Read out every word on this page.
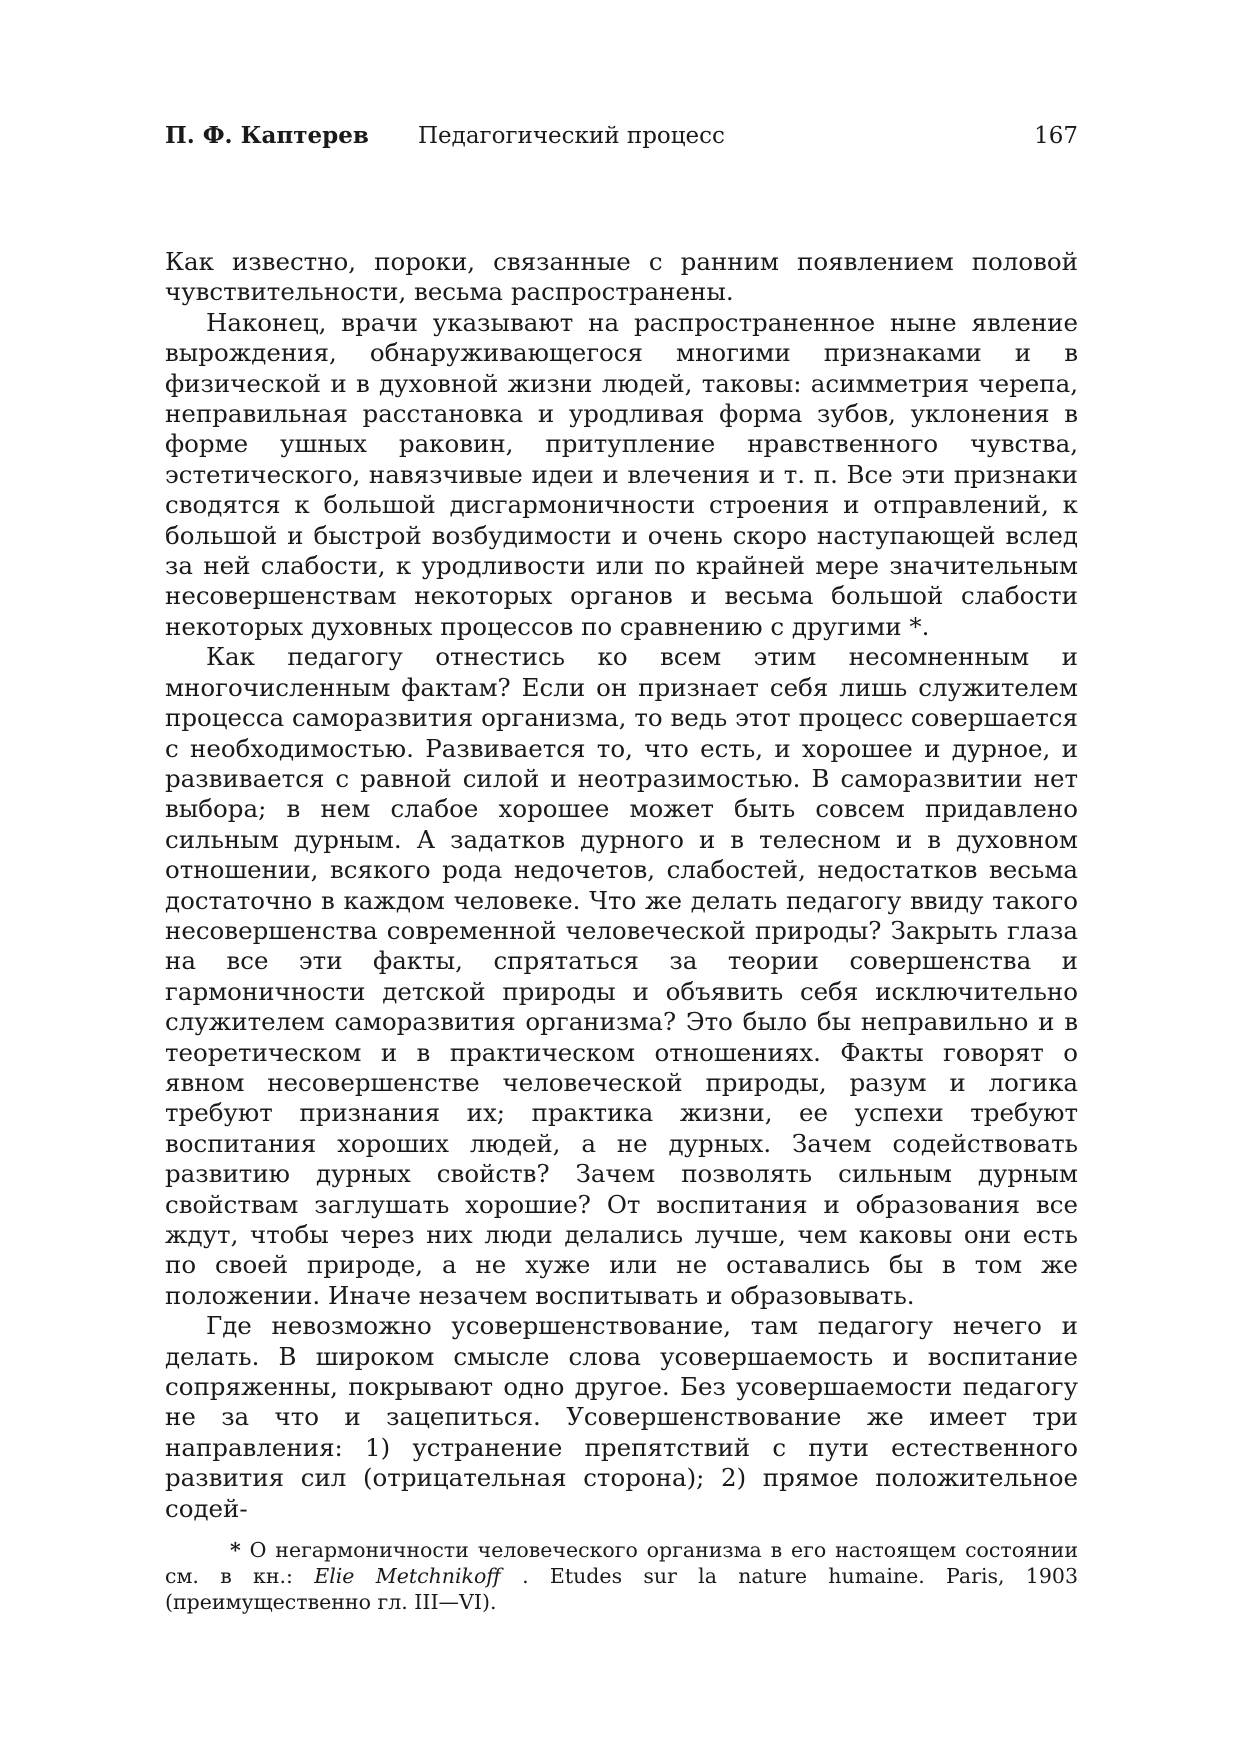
П. Ф. Каптерев Педагогический процесс	167

Как известно, пороки, связанные с ранним появлением половой чувствительности, весьма распространены.

Наконец, врачи указывают на распространенное ныне явление вырождения, обнаруживающегося многими признаками и в физической и в духовной жизни людей, таковы: асимметрия черепа, неправильная расстановка и уродливая форма зубов, уклонения в форме ушных раковин, притупление нравственного чувства, эстетического, навязчивые идеи и влечения и т. п. Все эти признаки сводятся к большой дисгармоничности строения и отправлений, к большой и быстрой возбудимости и очень скоро наступающей вслед за ней слабости, к уродливости или по крайней мере значительным несовершенствам некоторых органов и весьма большой слабости некоторых духовных процессов по сравнению с другими *.

Как педагогу отнестись ко всем этим несомненным и многочисленным фактам? Если он признает себя лишь служителем процесса саморазвития организма, то ведь этот процесс совершается с необходимостью. Развивается то, что есть, и хорошее и дурное, и развивается с равной силой и неотразимостью. В саморазвитии нет выбора; в нем слабое хорошее может быть совсем придавлено сильным дурным. А задатков дурного и в телесном и в духовном отношении, всякого рода недочетов, слабостей, недостатков весьма достаточно в каждом человеке. Что же делать педагогу ввиду такого несовершенства современной человеческой природы? Закрыть глаза на все эти факты, спрятаться за теории совершенства и гармоничности детской природы и объявить себя исключительно служителем саморазвития организма? Это было бы неправильно и в теоретическом и в практическом отношениях. Факты говорят о явном несовершенстве человеческой природы, разум и логика требуют признания их; практика жизни, ее успехи требуют воспитания хороших людей, а не дурных. Зачем содействовать развитию дурных свойств? Зачем позволять сильным дурным свойствам заглушать хорошие? От воспитания и образования все ждут, чтобы через них люди делались лучше, чем каковы они есть по своей природе, а не хуже или не оставались бы в том же положении. Иначе незачем воспитывать и образовывать.

Где невозможно усовершенствование, там педагогу нечего и делать. В широком смысле слова усовершаемость и воспитание сопряженны, покрывают одно другое. Без усовершаемости педагогу не за что и зацепиться. Усовершенствование же имеет три направления: 1) устранение препятствий с пути естественного развития сил (отрицательная сторона); 2) прямое положительное содей-

* О негармоничности человеческого организма в его настоящем состоянии см. в кн.: Elie Metchnikoff . Etudes sur la nature humaine. Paris, 1903 (преимущественно гл. III—VI).
